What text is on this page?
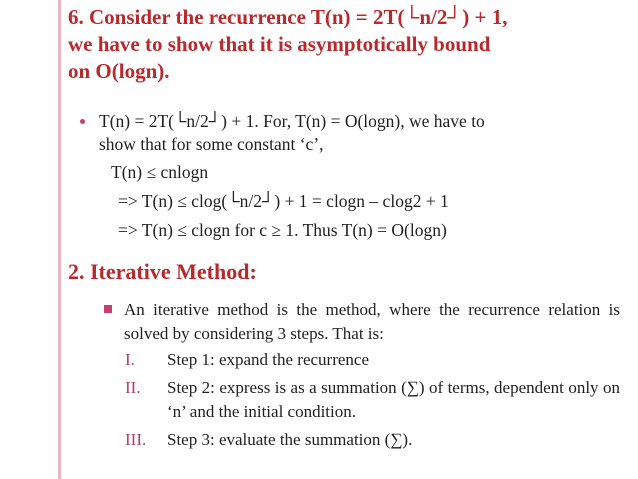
6. Consider the recurrence T(n) = 2T(└n/2┘) + 1,
we have to show that it is asymptotically bound
on O(logn).
T(n) = 2T(└n/2┘) + 1. For, T(n) = O(logn), we have to
show that for some constant ‘c’,
T(n) ≤ cnlogn
=> T(n) ≤ clog(└n/2┘) + 1 = clogn – clog2 + 1
=> T(n) ≤ clogn for c ≥ 1. Thus T(n) = O(logn)
2. Iterative Method:
An iterative method is the method, where the recurrence relation is solved by considering 3 steps. That is:
I.	Step 1: expand the recurrence
II.	Step 2: express is as a summation (∑) of terms, dependent only on ‘n’ and the initial condition.
III.	Step 3: evaluate the summation (∑).
